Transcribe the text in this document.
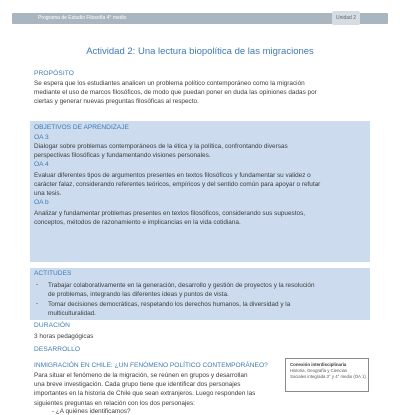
Programa de Estudio Filosofía 4° medio	Unidad 2
Actividad 2: Una lectura biopolítica de las migraciones
PROPÓSITO
Se espera que los estudiantes analicen un problema político contemporáneo como la migración
mediante el uso de marcos filosóficos, de modo que puedan poner en duda las opiniones dadas por
ciertas y generar nuevas preguntas filosóficas al respecto.
OBJETIVOS DE APRENDIZAJE
OA 3
Dialogar sobre problemas contemporáneos de la ética y la política, confrontando diversas
perspectivas filosóficas y fundamentando visiones personales.
OA 4
Evaluar diferentes tipos de argumentos presentes en textos filosóficos y fundamentar su validez o
carácter falaz, considerando referentes teóricos, empíricos y del sentido común para apoyar o refutar
una tesis.
OA b
Analizar y fundamentar problemas presentes en textos filosóficos, considerando sus supuestos,
conceptos, métodos de razonamiento e implicancias en la vida cotidiana.
ACTITUDES
- Trabajar colaborativamente en la generación, desarrollo y gestión de proyectos y la resolución
de problemas, integrando las diferentes ideas y puntos de vista.
- Tomar decisiones democráticas, respetando los derechos humanos, la diversidad y la
multiculturalidad.
DURACIÓN
3 horas pedagógicas
DESARROLLO
INMIGRACIÓN EN CHILE: ¿UN FENÓMENO POLÍTICO CONTEMPORÁNEO?
Para situar el fenómeno de la migración, se reúnen en grupos y desarrollan
una breve investigación. Cada grupo tiene que identificar dos personajes
importantes en la historia de Chile que sean extranjeros. Luego responden las
siguientes preguntas en relación con los dos personajes:
- ¿A quiénes identificamos?
Conexión interdisciplinaria
Historia, Geografía y Ciencias
Sociales integrada 3° y 4° medio (OA 1)
